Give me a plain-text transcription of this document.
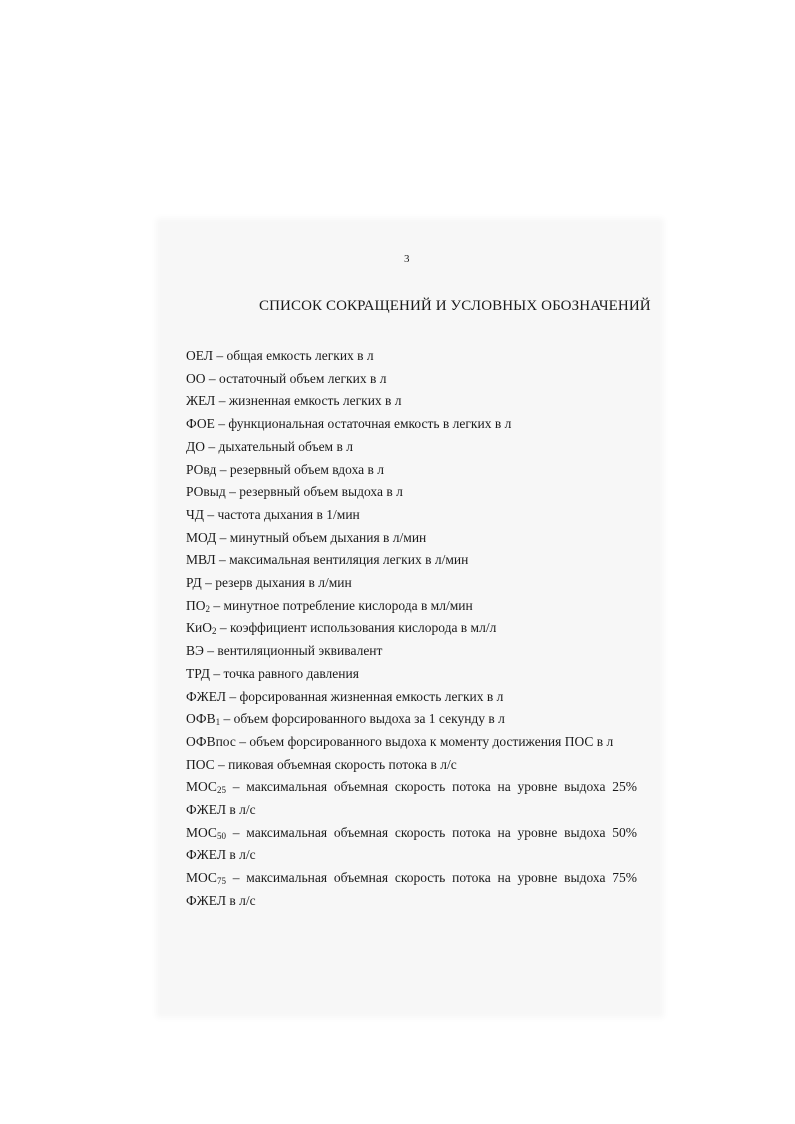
3
СПИСОК СОКРАЩЕНИЙ И УСЛОВНЫХ ОБОЗНАЧЕНИЙ
ОЕЛ – общая емкость легких в л
ОО – остаточный объем легких в л
ЖЕЛ – жизненная емкость легких в л
ФОЕ – функциональная остаточная емкость в легких в л
ДО – дыхательный объем в л
РОвд – резервный объем вдоха в л
РОвыд – резервный объем выдоха в л
ЧД – частота дыхания в 1/мин
МОД – минутный объем дыхания в л/мин
МВЛ – максимальная вентиляция легких в л/мин
РД – резерв дыхания в л/мин
$ПО_2$ – минутное потребление кислорода в мл/мин
КиО$_2$ – коэффициент использования кислорода в мл/л
ВЭ – вентиляционный эквивалент
ТРД – точка равного давления
ФЖЕЛ – форсированная жизненная емкость легких в л
$ОФВ_1$ – объем форсированного выдоха за 1 секунду в л
ОФВпос – объем форсированного выдоха к моменту достижения ПОС в л
ПОС – пиковая объемная скорость потока в л/с
$МОС_{25}$ – максимальная объемная скорость потока на уровне выдоха 25% ФЖЕЛ в л/с
$МОС_{50}$ – максимальная объемная скорость потока на уровне выдоха 50% ФЖЕЛ в л/с
$МОС_{75}$ – максимальная объемная скорость потока на уровне выдоха 75% ФЖЕЛ в л/с
